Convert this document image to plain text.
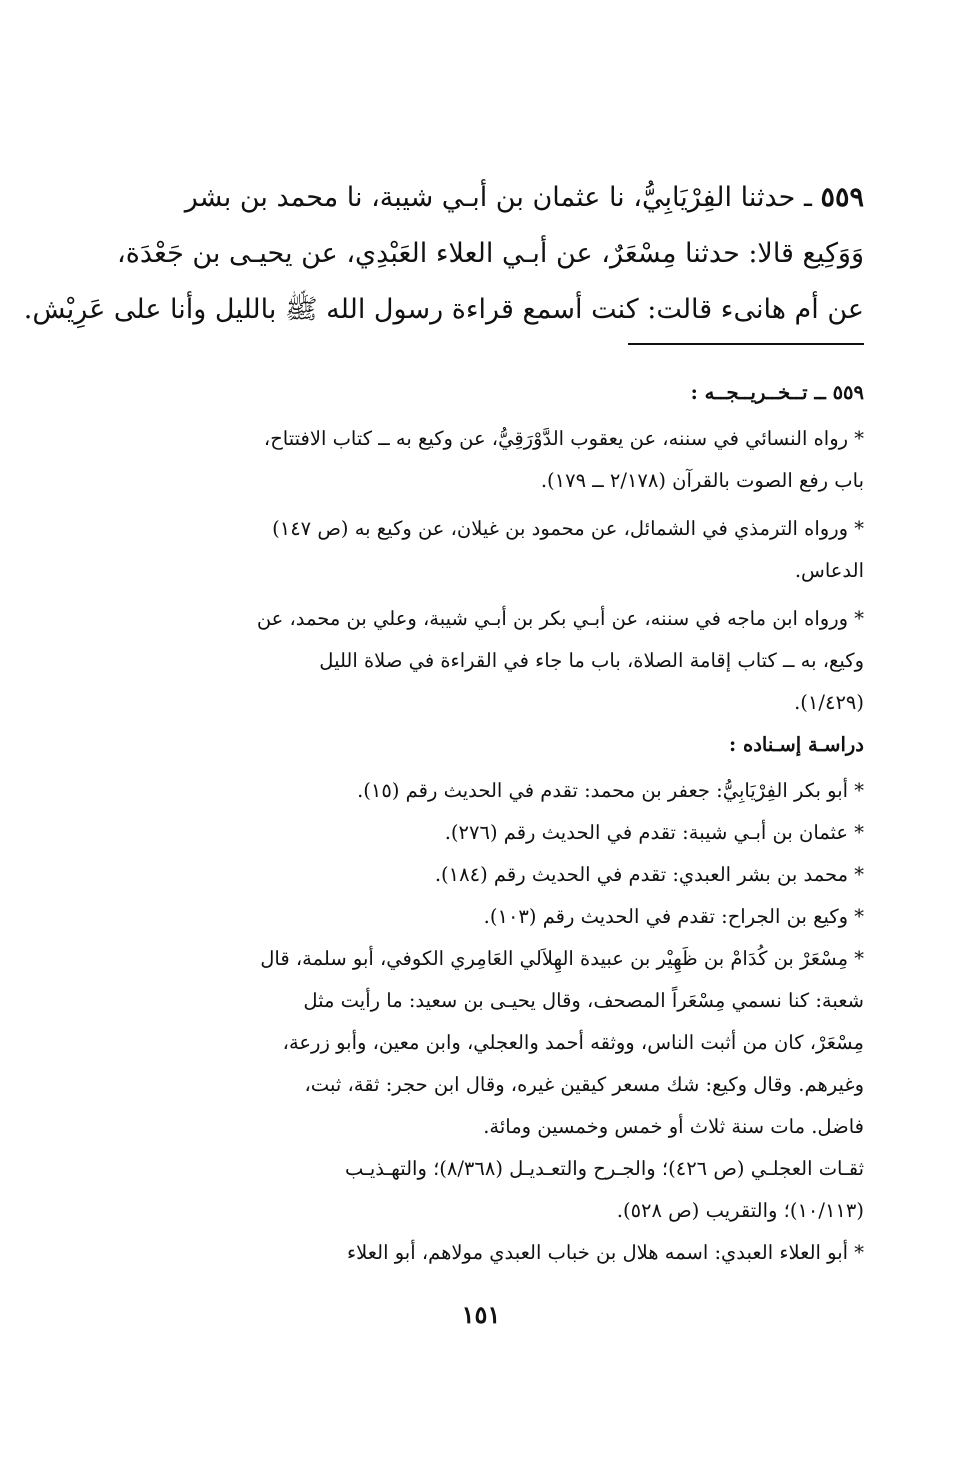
٥٥٩ ـ حدثنا الفِرْيَابِيُّ، نا عثمان بن أبـي شيبة، نا محمد بن بشر
وَوَكِيع قالا: حدثنا مِسْعَرٌ، عن أبـي العلاء العَبْدِي، عن يحيـى بن جَعْدَة،
عن أم هانىء قالت: كنت أسمع قراءة رسول الله ﷺ بالليل وأنا على عَرِيْش.
٥٥٩ ــ تــخــريــجــه :
* رواه النسائي في سننه، عن يعقوب الدَّوْرَقِيُّ، عن وكيع به ــ كتاب الافتتاح،
باب رفع الصوت بالقرآن (٢/١٧٨ ــ ١٧٩).
* ورواه الترمذي في الشمائل، عن محمود بن غيلان، عن وكيع به (ص ١٤٧)
الدعاس.
* ورواه ابن ماجه في سننه، عن أبـي بكر بن أبـي شيبة، وعلي بن محمد، عن
وكيع، به ــ كتاب إقامة الصلاة، باب ما جاء في القراءة في صلاة الليل
(١/٤٢٩).
دراسـة إسـناده :
* أبو بكر الفِرْيَابِيُّ: جعفر بن محمد: تقدم في الحديث رقم (١٥).
* عثمان بن أبـي شيبة: تقدم في الحديث رقم (٢٧٦).
* محمد بن بشر العبدي: تقدم في الحديث رقم (١٨٤).
* وكيع بن الجراح: تقدم في الحديث رقم (١٠٣).
* مِسْعَرْ بن كُدَامْ بن ظَهِيْر بن عبيدة الهِلاَلي العَامِري الكوفي، أبو سلمة، قال
شعبة: كنا نسمي مِسْعَراً المصحف، وقال يحيـى بن سعيد: ما رأيت مثل
مِسْعَرْ، كان من أثبت الناس، ووثقه أحمد والعجلي، وابن معين، وأبو زرعة،
وغيرهم. وقال وكيع: شك مسعر كيقين غيره، وقال ابن حجر: ثقة، ثبت،
فاضل. مات سنة ثلاث أو خمس وخمسين ومائة.
ثقـات العجلـي (ص ٤٢٦)؛ والجـرح والتعـديـل (٨/٣٦٨)؛ والتهـذيـب
(١٠/١١٣)؛ والتقريب (ص ٥٢٨).
* أبو العلاء العبدي: اسمه هلال بن خباب العبدي مولاهم، أبو العلاء
١٥١
